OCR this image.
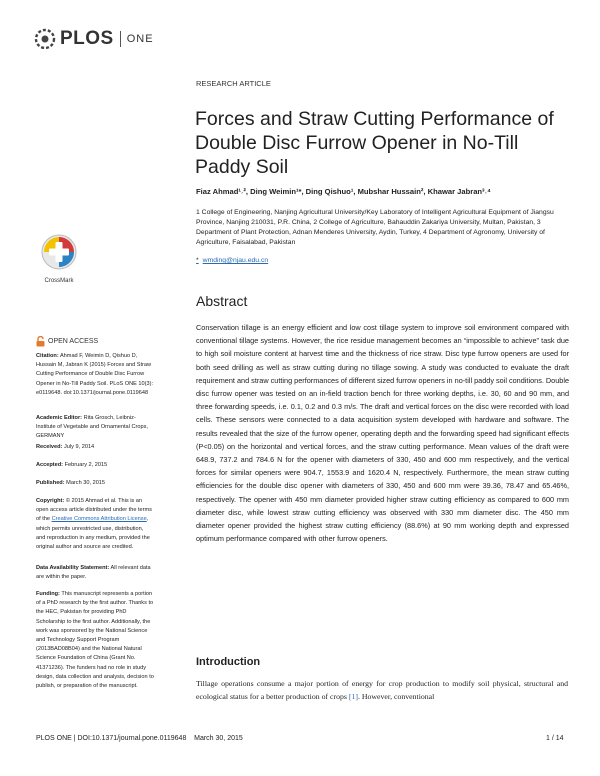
PLOS ONE
CrossMark
RESEARCH ARTICLE
Forces and Straw Cutting Performance of Double Disc Furrow Opener in No-Till Paddy Soil
Fiaz Ahmad¹˒², Ding Weimin¹*, Ding Qishuo¹, Mubshar Hussain², Khawar Jabran³˒⁴
1 College of Engineering, Nanjing Agricultural University/Key Laboratory of Intelligent Agricultural Equipment of Jiangsu Province, Nanjing 210031, P.R. China, 2 College of Agriculture, Bahauddin Zakariya University, Multan, Pakistan, 3 Department of Plant Protection, Adnan Menderes University, Aydin, Turkey, 4 Department of Agronomy, University of Agriculture, Faisalabad, Pakistan
* wmding@njau.edu.cn
Abstract

Conservation tillage is an energy efficient and low cost tillage system to improve soil environment compared with conventional tillage systems. However, the rice residue management becomes an “impossible to achieve” task due to high soil moisture content at harvest time and the thickness of rice straw. Disc type furrow openers are used for both seed drilling as well as straw cutting during no tillage sowing. A study was conducted to evaluate the draft requirement and straw cutting performances of different sized furrow openers in no-till paddy soil conditions. Double disc furrow opener was tested on an in-field traction bench for three working depths, i.e. 30, 60 and 90 mm, and three forwarding speeds, i.e. 0.1, 0.2 and 0.3 m/s. The draft and vertical forces on the disc were recorded with load cells. These sensors were connected to a data acquisition system developed with hardware and software. The results revealed that the size of the furrow opener, operating depth and the forwarding speed had significant effects (P<0.05) on the horizontal and vertical forces, and the straw cutting performance. Mean values of the draft were 648.9, 737.2 and 784.6 N for the opener with diameters of 330, 450 and 600 mm respectively, and the vertical forces for similar openers were 904.7, 1553.9 and 1620.4 N, respectively. Furthermore, the mean straw cutting efficiencies for the double disc opener with diameters of 330, 450 and 600 mm were 39.36, 78.47 and 65.46%, respectively. The opener with 450 mm diameter provided higher straw cutting efficiency as compared to 600 mm diameter disc, while lowest straw cutting efficiency was observed with 330 mm diameter disc. The 450 mm diameter opener provided the highest straw cutting efficiency (88.6%) at 90 mm working depth and expressed optimum performance compared with other furrow openers.

Introduction

Tillage operations consume a major portion of energy for crop production to modify soil physical, structural and ecological status for a better production of crops [1]. However, conventional

OPEN ACCESS
Citation: Ahmad F, Weimin D, Qishuo D, Hussain M, Jabran K (2015) Forces and Straw Cutting Performance of Double Disc Furrow Opener in No-Till Paddy Soil. PLoS ONE 10(3): e0119648. doi:10.1371/journal.pone.0119648
Academic Editor: Rita Grosch, Leibniz-Institute of Vegetable and Ornamental Crops, GERMANY
Received: July 9, 2014
Accepted: February 2, 2015
Published: March 30, 2015
Copyright: © 2015 Ahmad et al. This is an open access article distributed under the terms of the Creative Commons Attribution License, which permits unrestricted use, distribution, and reproduction in any medium, provided the original author and source are credited.
Data Availability Statement: All relevant data are within the paper.
Funding: This manuscript represents a portion of a PhD research by the first author. Thanks to the HEC, Pakistan for providing PhD Scholarship to the first author. Additionally, the work was sponsored by the National Science and Technology Support Program (2013BAD08B04) and the National Natural Science Foundation of China (Grant No. 41371236). The funders had no role in study design, data collection and analysis, decision to publish, or preparation of the manuscript.
PLOS ONE | DOI:10.1371/journal.pone.0119648    March 30, 2015	1 / 14
